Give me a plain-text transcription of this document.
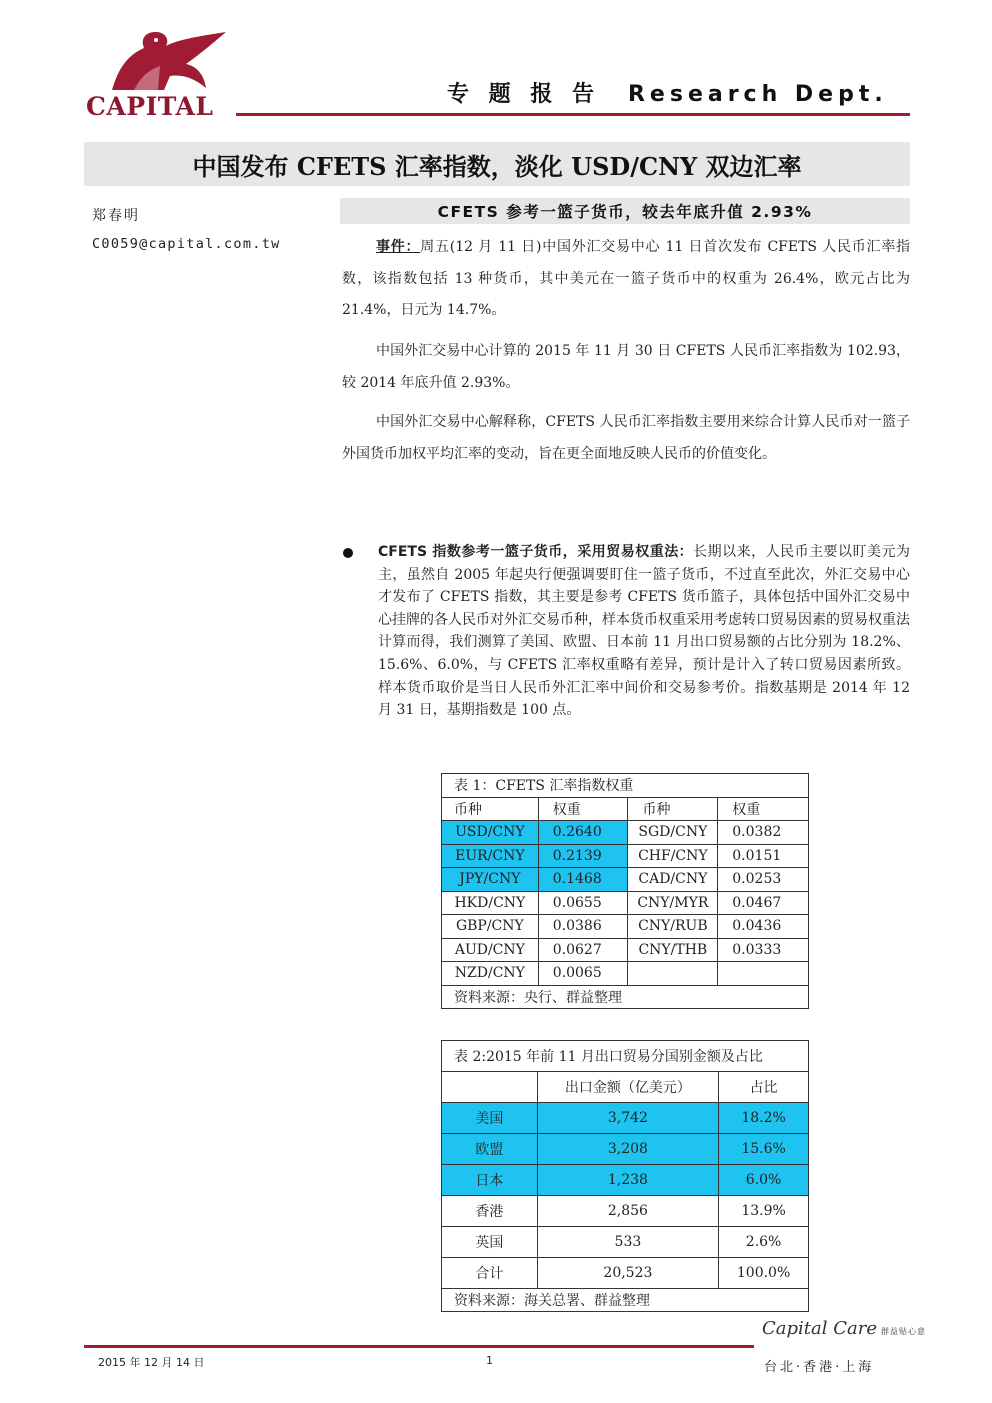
CAPITAL	专 题 报 告 Research Dept.
中国发布 CFETS 汇率指数，淡化 USD/CNY 双边汇率
郑春明
C0059@capital.com.tw
CFETS 参考一篮子货币，较去年底升值 2.93%

事件：周五(12 月 11 日)中国外汇交易中心 11 日首次发布 CFETS 人民币汇率指数，该指数包括 13 种货币，其中美元在一篮子货币中的权重为 26.4%，欧元占比为 21.4%，日元为 14.7%。

中国外汇交易中心计算的 2015 年 11 月 30 日 CFETS 人民币汇率指数为 102.93，较 2014 年底升值 2.93%。

中国外汇交易中心解释称，CFETS 人民币汇率指数主要用来综合计算人民币对一篮子外国货币加权平均汇率的变动，旨在更全面地反映人民币的价值变化。

CFETS 指数参考一篮子货币，采用贸易权重法：长期以来，人民币主要以盯美元为主，虽然自 2005 年起央行便强调要盯住一篮子货币，不过直至此次，外汇交易中心才发布了 CFETS 指数，其主要是参考 CFETS 货币篮子，具体包括中国外汇交易中心挂牌的各人民币对外汇交易币种，样本货币权重采用考虑转口贸易因素的贸易权重法计算而得，我们测算了美国、欧盟、日本前 11 月出口贸易额的占比分别为 18.2%、15.6%、6.0%，与 CFETS 汇率权重略有差异，预计是计入了转口贸易因素所致。 样本货币取价是当日人民币外汇汇率中间价和交易参考价。指数基期是 2014 年 12 月 31 日，基期指数是 100 点。

表 1：CFETS 汇率指数权重			
币种	权重	币种	权重
USD/CNY	0.2640	SGD/CNY	0.0382
EUR/CNY	0.2139	CHF/CNY	0.0151
JPY/CNY	0.1468	CAD/CNY	0.0253
HKD/CNY	0.0655	CNY/MYR	0.0467
GBP/CNY	0.0386	CNY/RUB	0.0436
AUD/CNY	0.0627	CNY/THB	0.0333
NZD/CNY	0.0065		
资料来源：央行、群益整理			
表 2:2015 年前 11 月出口贸易分国别金额及占比		
	出口金额（亿美元）	占比
美国	3,742	18.2%
欧盟	3,208	15.6%
日本	1,238	6.0%
香港	2,856	13.9%
英国	533	2.6%
合计	20,523	100.0%
资料来源：海关总署、群益整理		
Capital Care 群益贴心意
2015 年 12 月 14 日	1	台北·香港·上海
